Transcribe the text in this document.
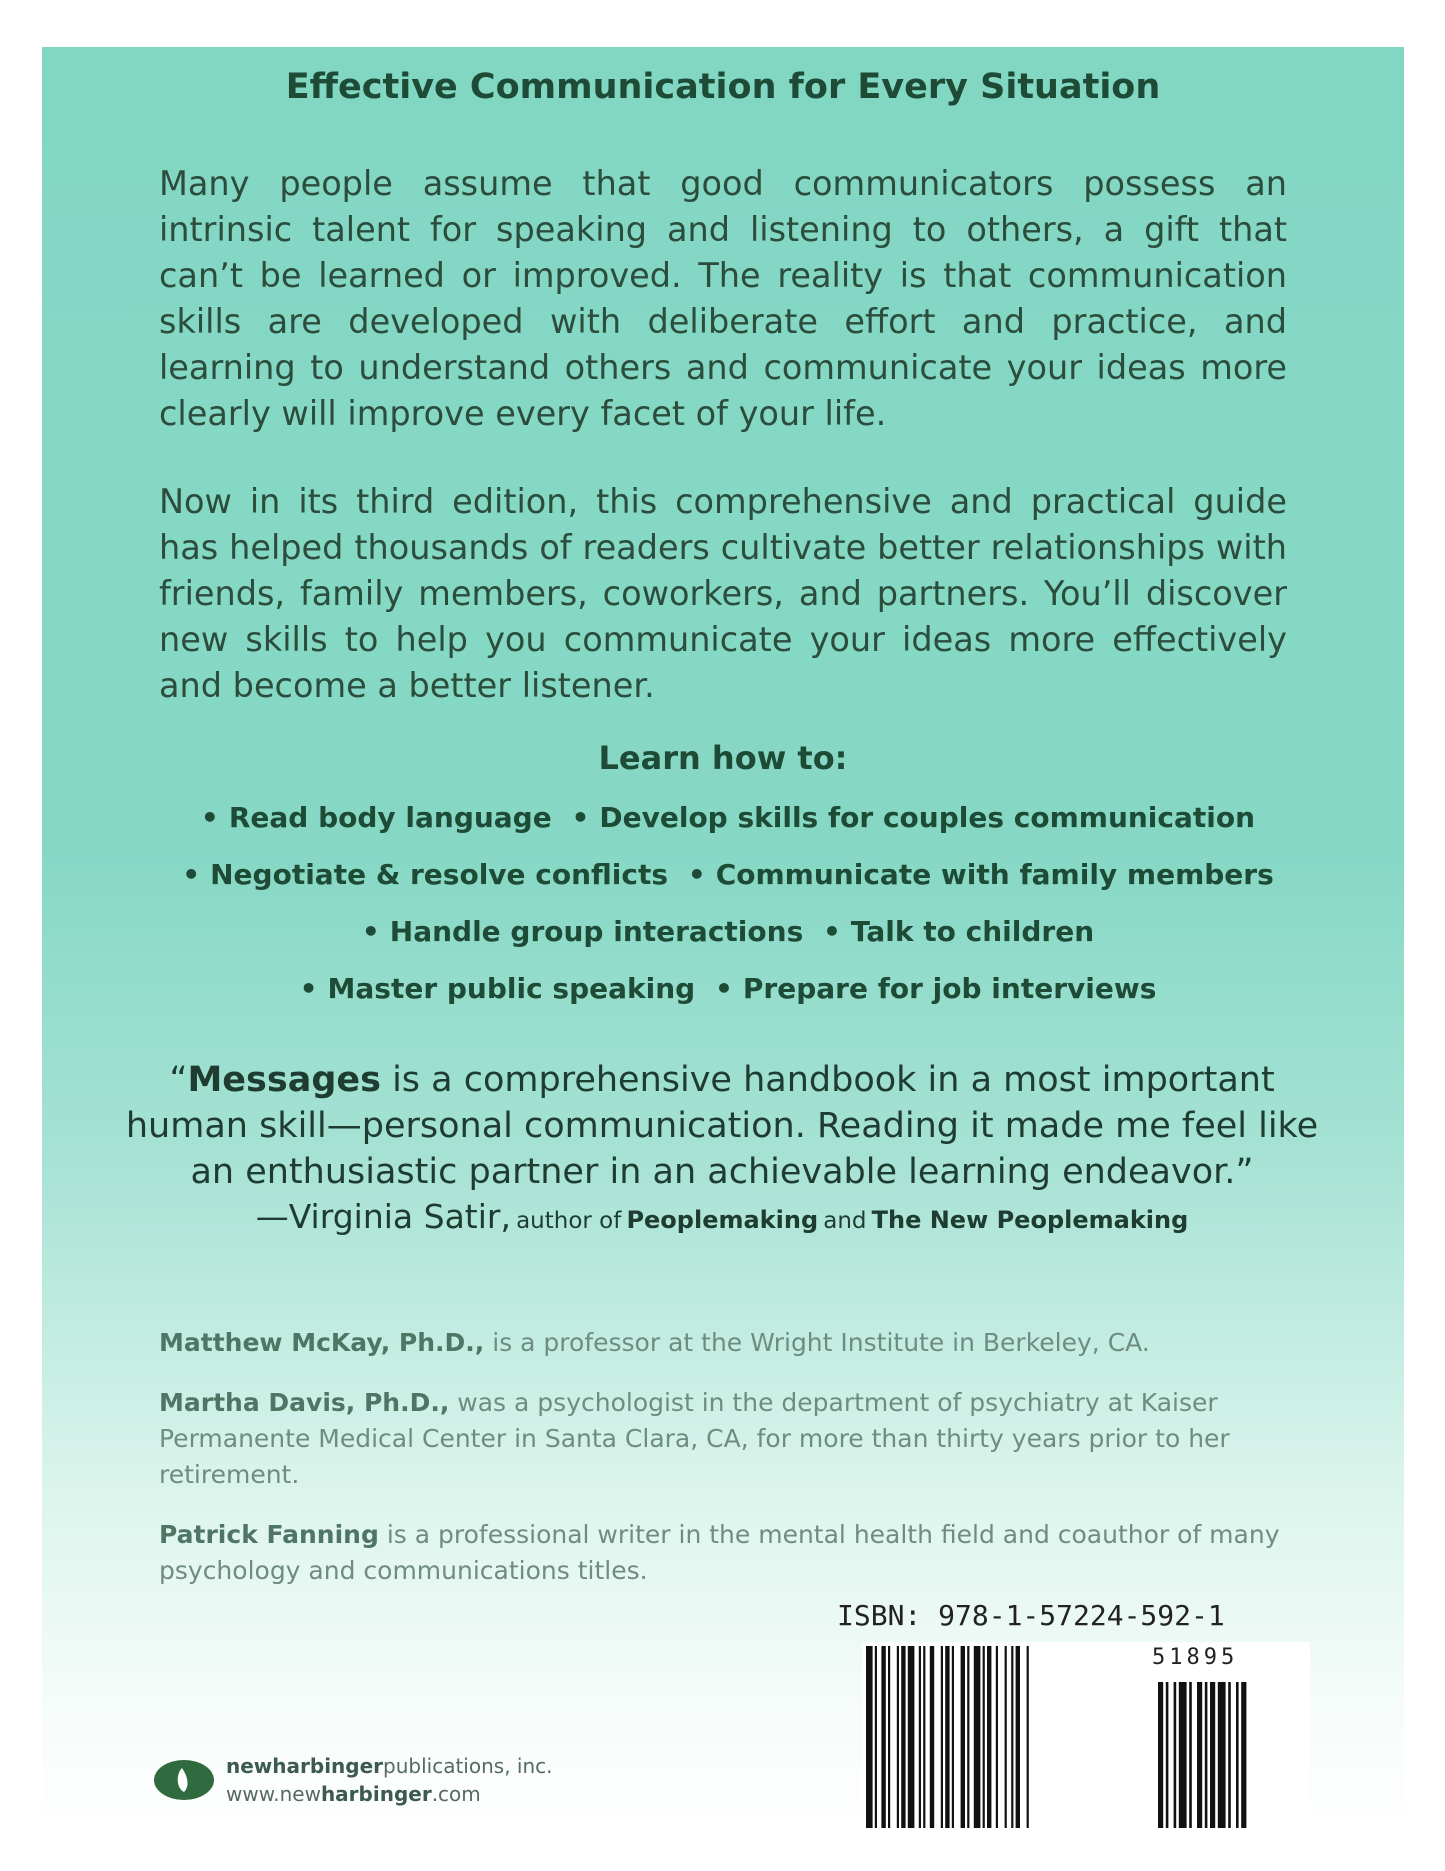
Effective Communication for Every Situation
Many people assume that good communicators possess an intrinsic talent for speaking and listening to others, a gift that can’t be learned or improved. The reality is that communication skills are developed with deliberate effort and practice, and learning to understand others and communicate your ideas more clearly will improve every facet of your life.
Now in its third edition, this comprehensive and practical guide has helped thousands of readers cultivate better relationships with friends, family members, coworkers, and partners. You’ll discover new skills to help you communicate your ideas more effectively and become a better listener.
Learn how to:
• Read body language • Develop skills for couples communication
• Negotiate & resolve conflicts • Communicate with family members
• Handle group interactions • Talk to children
• Master public speaking • Prepare for job interviews
“Messages is a comprehensive handbook in a most important human skill—personal communication. Reading it made me feel like an enthusiastic partner in an achievable learning endeavor.”
—Virginia Satir, author of Peoplemaking and The New Peoplemaking
Matthew McKay, Ph.D., is a professor at the Wright Institute in Berkeley, CA.
Martha Davis, Ph.D., was a psychologist in the department of psychiatry at Kaiser Permanente Medical Center in Santa Clara, CA, for more than thirty years prior to her retirement.
Patrick Fanning is a professional writer in the mental health field and coauthor of many psychology and communications titles.
ISBN: 978-1-57224-592-1
51895
newharbingerpublications, inc.
www.newharbinger.com
